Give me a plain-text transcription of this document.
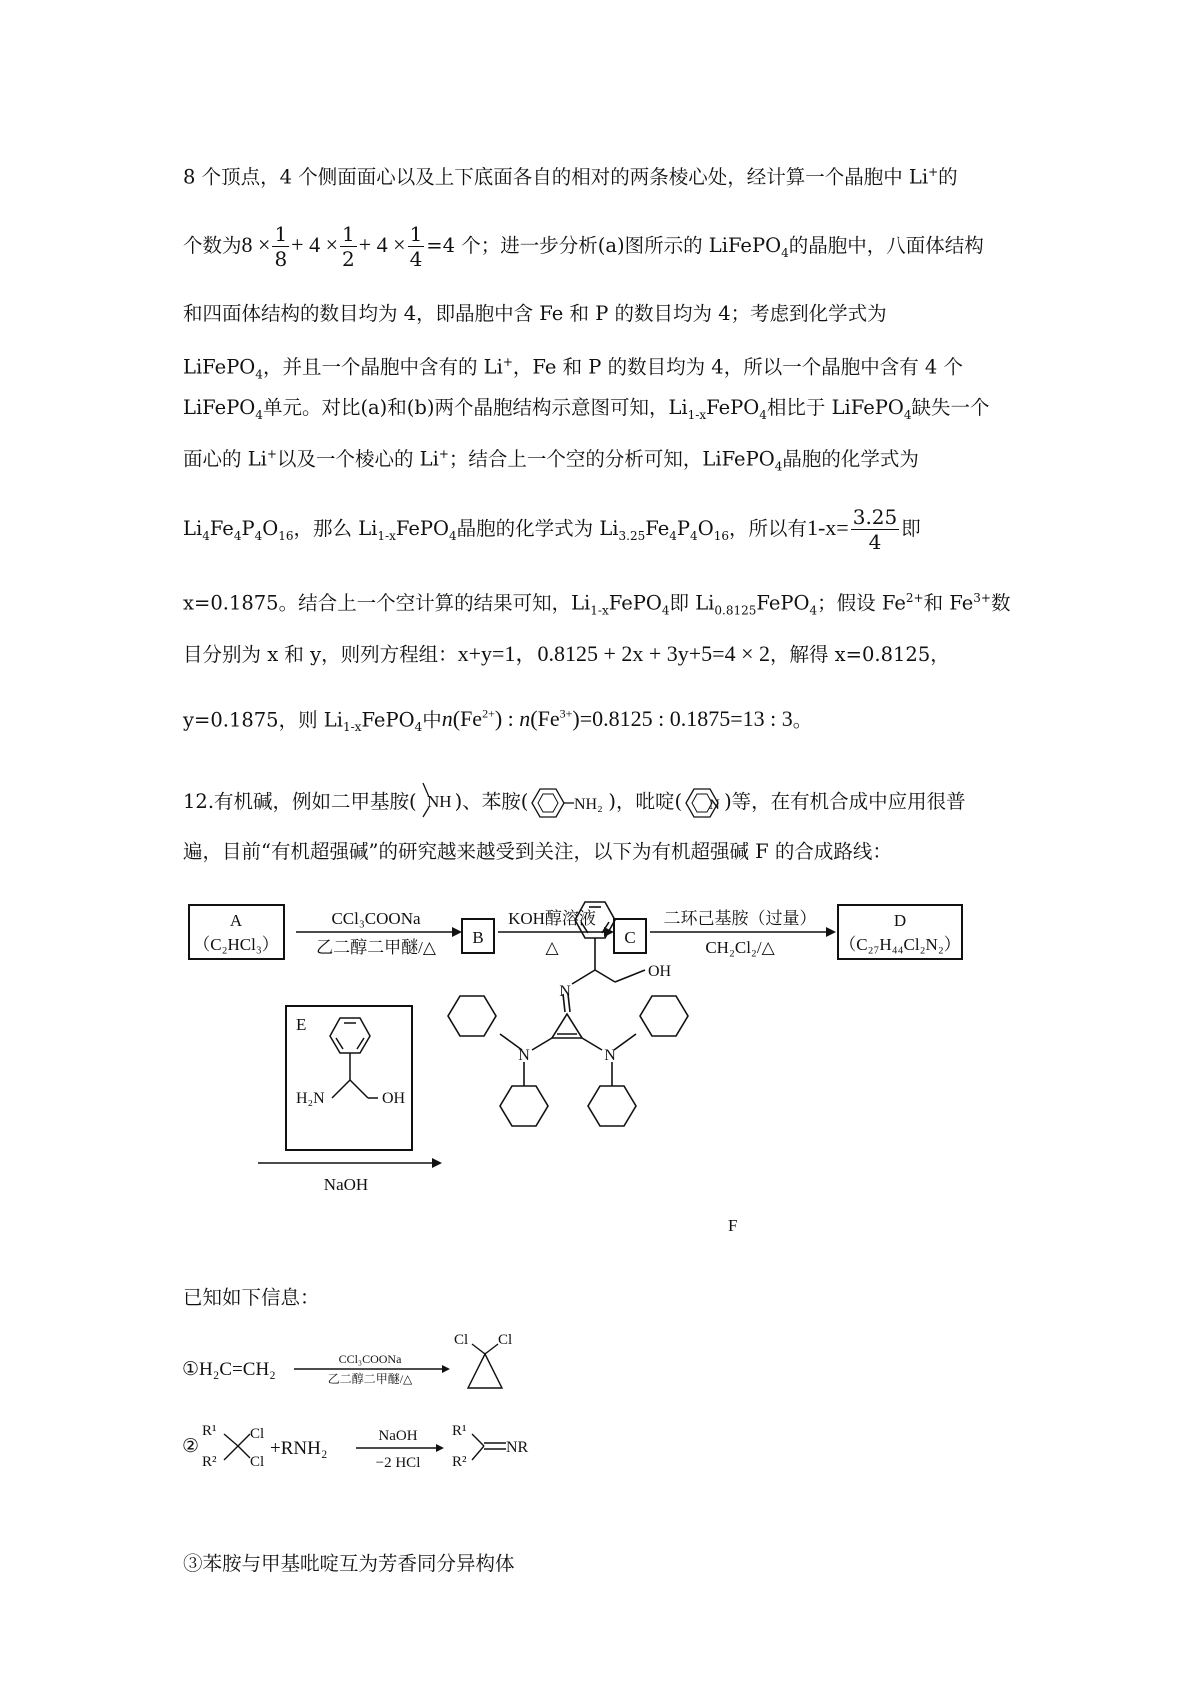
8 个顶点，4 个侧面面心以及上下底面各自的相对的两条棱心处，经计算一个晶胞中 Li+的
个数为$8 \times \frac{1}{8} + 4 \times \frac{1}{2} + 4 \times \frac{1}{4} =4$ 个；进一步分析(a)图所示的 LiFePO$_4$的晶胞中，八面体结构
和四面体结构的数目均为 4，即晶胞中含 Fe 和 P 的数目均为 4；考虑到化学式为
LiFePO$_4$，并且一个晶胞中含有的 Li+，Fe 和 P 的数目均为 4，所以一个晶胞中含有 4 个
LiFePO$_4$单元。对比(a)和(b)两个晶胞结构示意图可知，$Li_{1-x}FePO_4$相比于 LiFePO$_4$缺失一个
面心的 Li+以及一个棱心的 Li+；结合上一个空的分析可知，LiFePO$_4$晶胞的化学式为
$Li_4Fe_4P_4O_{16}$，那么 $Li_{1-x}FePO_4$晶胞的化学式为 $Li_{3.25}Fe_4P_4O_{16}$，所以有$1-x= \frac{3.25}{4}$ 即
x=0.1875。结合上一个空计算的结果可知，$Li_{1-x}FePO_4$即 $Li_{0.8125}FePO_4$；假设 $Fe^{2+}$和 $Fe^{3+}$数
目分别为 x 和 y，则列方程组：x+y=1，0.8125 + 2x + 3y+5=4 × 2，解得 x=0.8125，
y=0.1875，则 $Li_{1-x}FePO_4$中$n(Fe^{2+})$ : $n(Fe^{3+})=0.8125$ : 0.1875=13 : 3。
12.有机碱，例如二甲基胺( NH )、苯胺(	NH₂ )，吡啶( N )等，在有机合成中应用很普
遍，目前“有机超强碱”的研究越来越受到关注，以下为有机超强碱 F 的合成路线：
A
（C₂HCl₃）
CCl₃COONa
乙二醇二甲醚/△
B
KOH醇溶液
△
C
二环己基胺（过量）
CH₂Cl₂/△
D
（C₂₇H₄₄Cl₂N₂）
E
H₂N	OH
NaOH
N
N	N
OH
F
已知如下信息：
①H₂C=CH₂	CCl₃COONa
乙二醇二甲醚/△
Cl Cl
②
R¹
R²
Cl
Cl
+RNH₂
NaOH
−2 HCl
R¹
R²
NR
③苯胺与甲基吡啶互为芳香同分异构体
